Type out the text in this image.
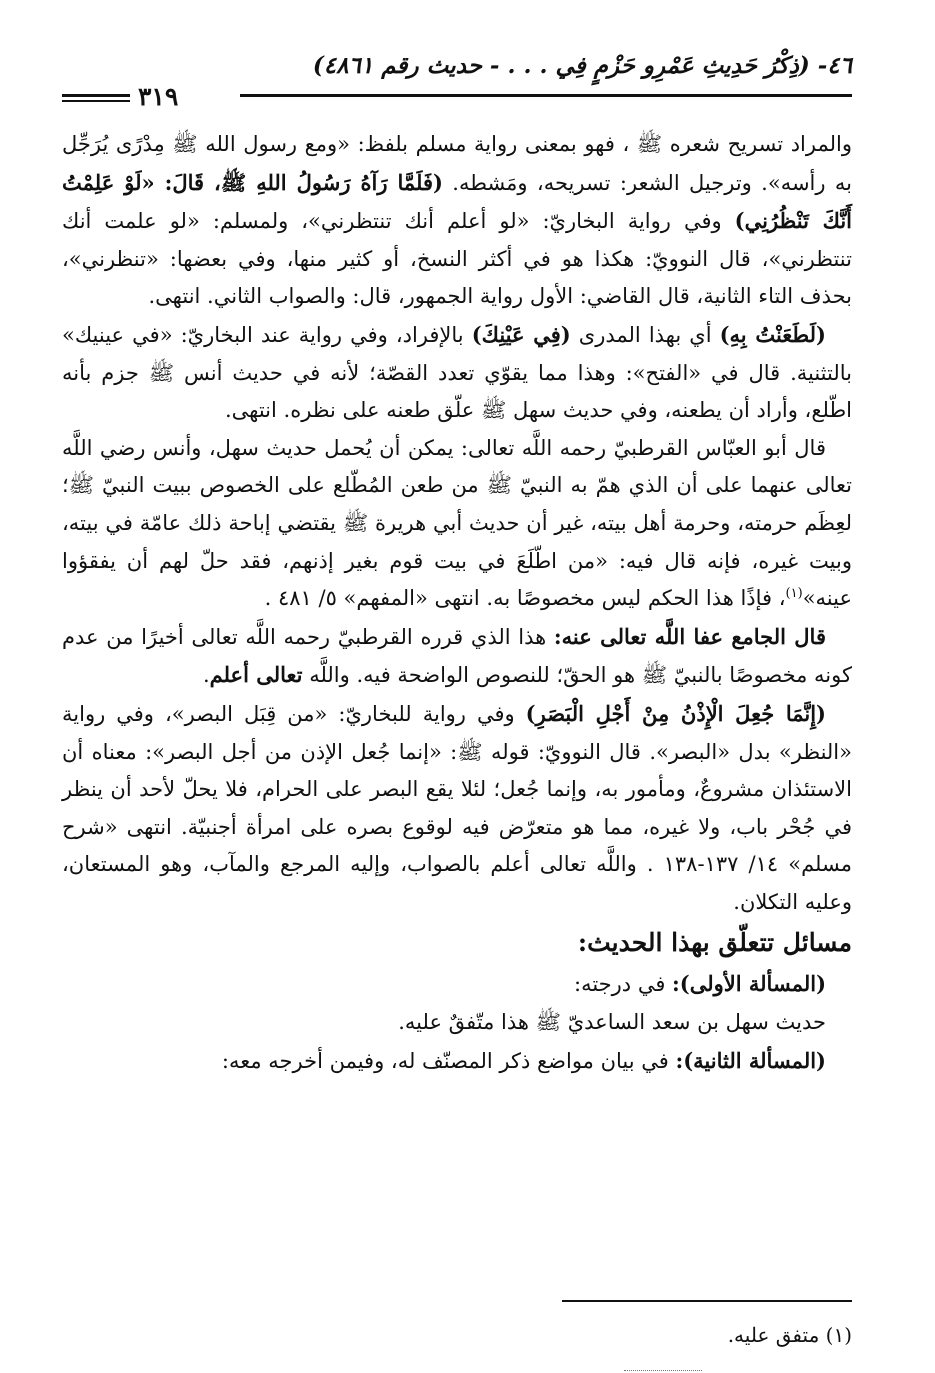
٤٦- (ذِكْرُ حَدِيثِ عَمْرِو حَزْمٍ فِي . . . - حديث رقم ٤٨٦١)
٣١٩

والمراد تسريح شعره ﷺ ، فهو بمعنى رواية مسلم بلفظ: «ومع رسول الله ﷺ مِدْرًى يُرَجِّل به رأسه». وترجيل الشعر: تسريحه، ومَشطه. (فَلَمَّا رَآهُ رَسُولُ اللهِ ﷺ، قَالَ: «لَوْ عَلِمْتُ أَنَّكَ تَنْظُرُنِي) وفي رواية البخاريّ: «لو أعلم أنك تنتظرني»، ولمسلم: «لو علمت أنك تنتظرني»، قال النوويّ: هكذا هو في أكثر النسخ، أو كثير منها، وفي بعضها: «تنظرني»، بحذف التاء الثانية، قال القاضي: الأول رواية الجمهور، قال: والصواب الثاني. انتهى.

(لَطَعَنْتُ بِهِ) أي بهذا المدرى (فِي عَيْنِكَ) بالإفراد، وفي رواية عند البخاريّ: «في عينيك» بالتثنية. قال في «الفتح»: وهذا مما يقوّي تعدد القصّة؛ لأنه في حديث أنس ﷺ جزم بأنه اطّلع، وأراد أن يطعنه، وفي حديث سهل ﷺ علّق طعنه على نظره. انتهى.

قال أبو العبّاس القرطبيّ رحمه اللَّه تعالى: يمكن أن يُحمل حديث سهل، وأنس رضي اللَّه تعالى عنهما على أن الذي همّ به النبيّ ﷺ من طعن المُطّلع على الخصوص ببيت النبيّ ﷺ؛ لعِظَم حرمته، وحرمة أهل بيته، غير أن حديث أبي هريرة ﷺ يقتضي إباحة ذلك عامّة في بيته، وبيت غيره، فإنه قال فيه: «من اطّلَعَ في بيت قوم بغير إذنهم، فقد حلّ لهم أن يفقؤوا عينه»$^{(١)}$، فإذًا هذا الحكم ليس مخصوصًا به. انتهى «المفهم» ٥/ ٤٨١ .

قال الجامع عفا اللَّه تعالى عنه: هذا الذي قرره القرطبيّ رحمه اللَّه تعالى أخيرًا من عدم كونه مخصوصًا بالنبيّ ﷺ هو الحقّ؛ للنصوص الواضحة فيه. واللَّه تعالى أعلم.

(إِنَّمَا جُعِلَ الْإِذْنُ مِنْ أَجْلِ الْبَصَرِ) وفي رواية للبخاريّ: «من قِبَل البصر»، وفي رواية «النظر» بدل «البصر». قال النوويّ: قوله ﷺ: «إنما جُعل الإذن من أجل البصر»: معناه أن الاستئذان مشروعٌ، ومأمور به، وإنما جُعل؛ لئلا يقع البصر على الحرام، فلا يحلّ لأحد أن ينظر في جُحْر باب، ولا غيره، مما هو متعرّض فيه لوقوع بصره على امرأة أجنبيّة. انتهى «شرح مسلم» ١٤/ ١٣٧-١٣٨ . واللَّه تعالى أعلم بالصواب، وإليه المرجع والمآب، وهو المستعان، وعليه التكلان.

مسائل تتعلّق بهذا الحديث:

(المسألة الأولى): في درجته:

حديث سهل بن سعد الساعديّ ﷺ هذا متّفقٌ عليه.

(المسألة الثانية): في بيان مواضع ذكر المصنّف له، وفيمن أخرجه معه:

(١) متفق عليه.
